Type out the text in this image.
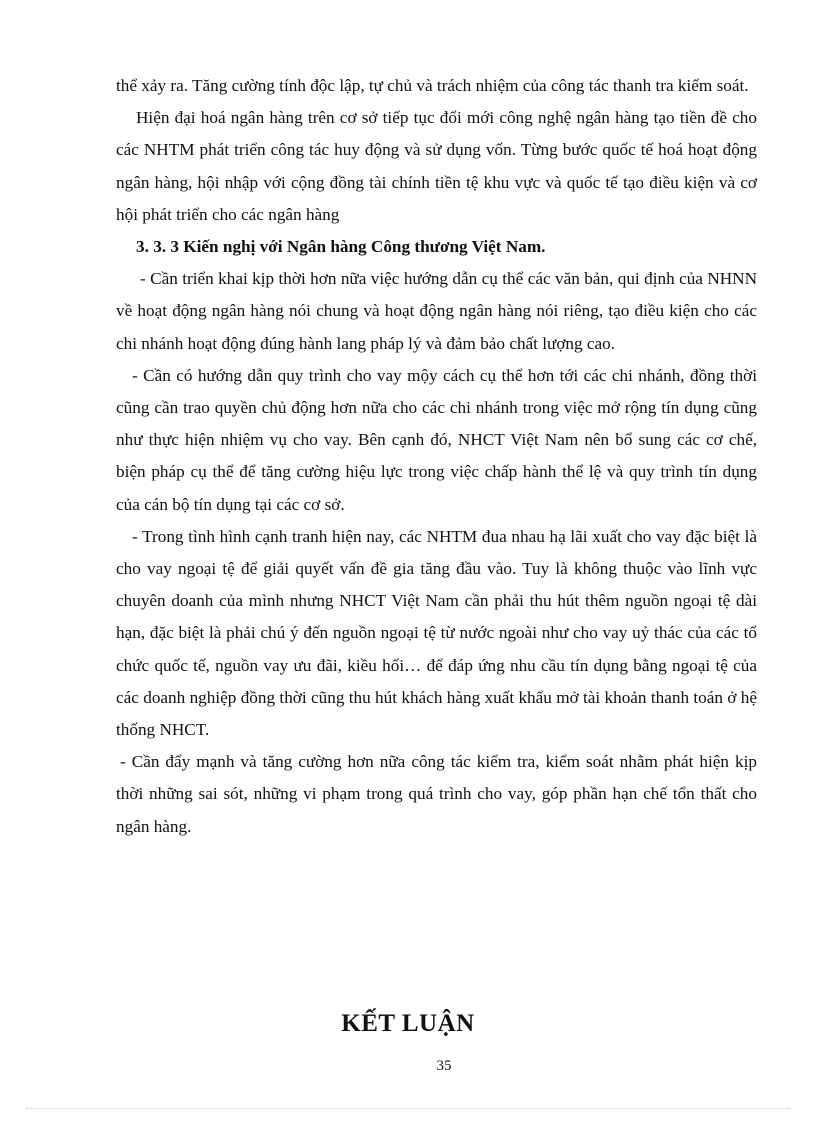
thể xảy ra. Tăng cường tính độc lập, tự chủ và trách nhiệm của công tác thanh tra kiểm soát.

Hiện đại hoá ngân hàng trên cơ sở tiếp tục đổi mới công nghệ ngân hàng tạo tiền đề cho các NHTM phát triển công tác huy động và sử dụng vốn. Từng bước quốc tế hoá hoạt động ngân hàng, hội nhập với cộng đồng tài chính tiền tệ khu vực và quốc tế tạo điều kiện và cơ hội phát triển cho các ngân hàng

3. 3. 3 Kiến nghị với Ngân hàng Công thương Việt Nam.

- Cần triển khai kịp thời hơn nữa việc hướng dẫn cụ thể các văn bản, qui định của NHNN về hoạt động ngân hàng nói chung và hoạt động ngân hàng nói riêng, tạo điều kiện cho các chi nhánh hoạt động đúng hành lang pháp lý và đảm bảo chất lượng cao.

- Cần có hướng dẫn quy trình cho vay mộy cách cụ thể hơn tới các chi nhánh, đồng thời cũng cần trao quyền chủ động hơn nữa cho các chi nhánh trong việc mở rộng tín dụng cũng như thực hiện nhiệm vụ cho vay. Bên cạnh đó, NHCT Việt Nam nên bổ sung các cơ chế, biện pháp cụ thể để tăng cường hiệu lực trong việc chấp hành thể lệ và quy trình tín dụng của cán bộ tín dụng tại các cơ sở.

- Trong tình hình cạnh tranh hiện nay, các NHTM đua nhau hạ lãi xuất cho vay đặc biệt là cho vay ngoại tệ để giải quyết vấn đề gia tăng đầu vào. Tuy là không thuộc vào lĩnh vực chuyên doanh của mình nhưng NHCT Việt Nam cần phải thu hút thêm nguồn ngoại tệ dài hạn, đặc biệt là phải chú ý đến nguồn ngoại tệ từ nước ngoài như cho vay uỷ thác của các tổ chức quốc tế, nguồn vay ưu đãi, kiều hối… để đáp ứng nhu cầu tín dụng bằng ngoại tệ của các doanh nghiệp đồng thời cũng thu hút khách hàng xuất khẩu mở tài khoản thanh toán ở hệ thống NHCT.

- Cần đẩy mạnh và tăng cường hơn nữa công tác kiểm tra, kiểm soát nhằm phát hiện kịp thời những sai sót, những vi phạm trong quá trình cho vay, góp phần hạn chế tổn thất cho ngân hàng.

KẾT LUẬN
35
